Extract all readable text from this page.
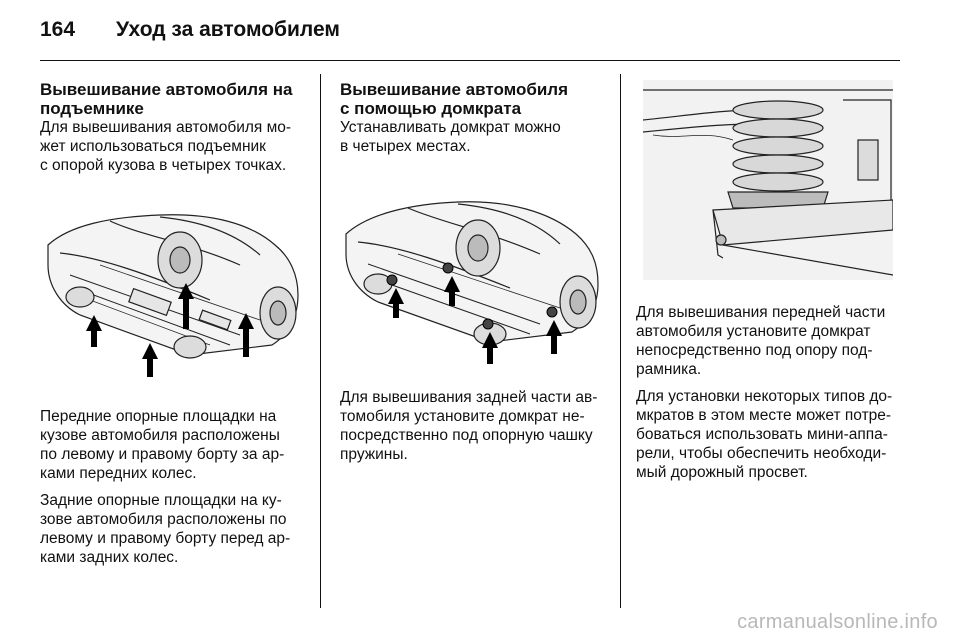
164 Уход за автомобилем

Вывешивание автомобиля на
подъемнике

Для вывешивания автомобиля мо-
жет использоваться подъемник
с опорой кузова в четырех точках.

Передние опорные площадки на
кузове автомобиля расположены
по левому и правому борту за ар-
ками передних колес.

Задние опорные площадки на ку-
зове автомобиля расположены по
левому и правому борту перед ар-
ками задних колес.

Вывешивание автомобиля
с помощью домкрата

Устанавливать домкрат можно
в четырех местах.

Для вывешивания задней части ав-
томобиля установите домкрат не-
посредственно под опорную чашку
пружины.

Для вывешивания передней части
автомобиля установите домкрат
непосредственно под опору под-
рамника.

Для установки некоторых типов до-
мкратов в этом месте может потре-
боваться использовать мини-аппа-
рели, чтобы обеспечить необходи-
мый дорожный просвет.

carmanualsonline.info
